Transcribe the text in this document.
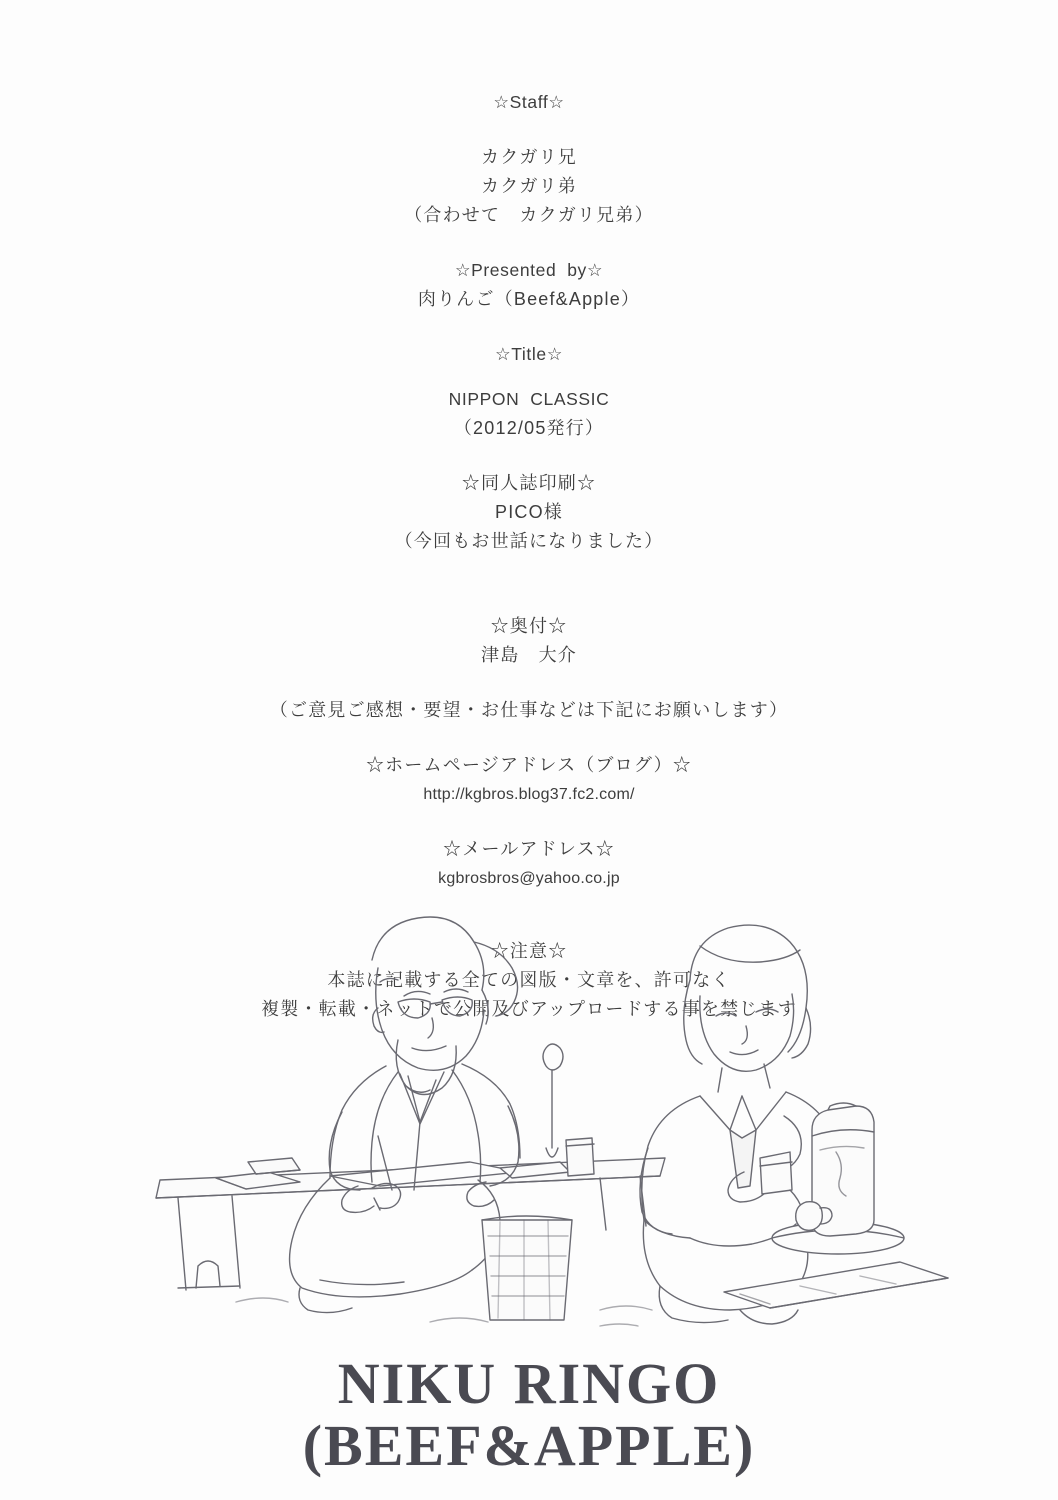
☆Staff☆
カクガリ兄
カクガリ弟
（合わせて　カクガリ兄弟）
☆Presented  by☆
肉りんご（Beef&Apple）
☆Title☆
NIPPON  CLASSIC
（2012/05発行）
☆同人誌印刷☆
PICO様
（今回もお世話になりました）
☆奥付☆
津島　大介
（ご意見ご感想・要望・お仕事などは下記にお願いします）
☆ホームページアドレス（ブログ）☆
http://kgbros.blog37.fc2.com/
☆メールアドレス☆
kgbrosbros@yahoo.co.jp
☆注意☆
本誌に記載する全ての図版・文章を、許可なく
複製・転載・ネットで公開及びアップロードする事を禁じます
NIKU RINGO
(BEEF&APPLE)
